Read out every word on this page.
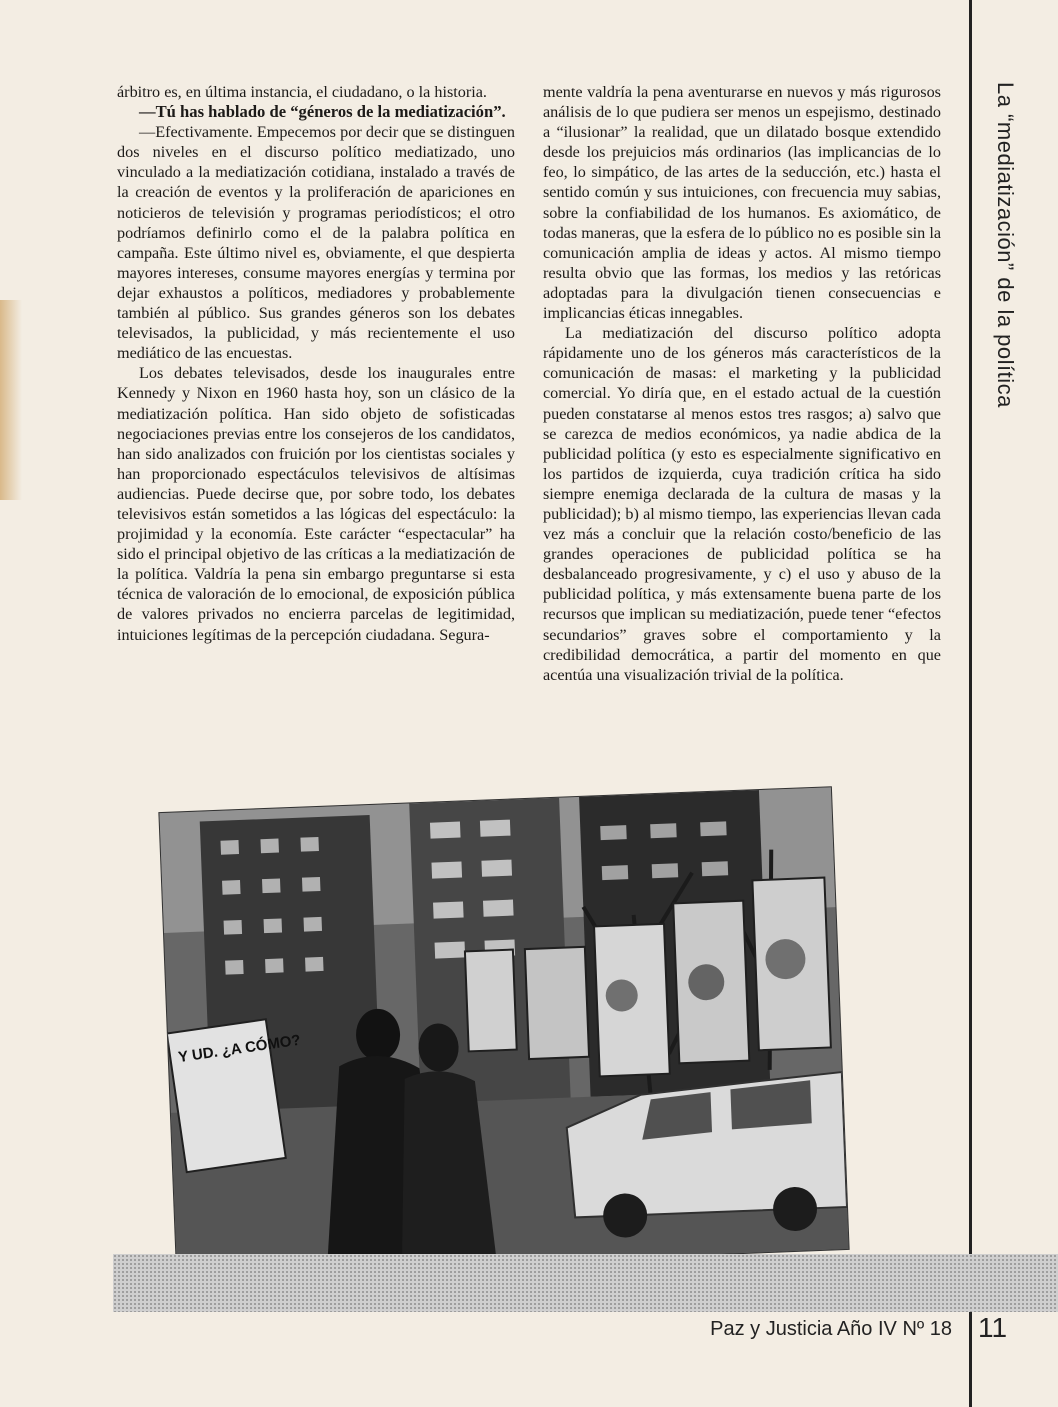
árbitro es, en última instancia, el ciudadano, o la historia.

—Tú has hablado de “géneros de la mediatización”.

—Efectivamente. Empecemos por decir que se distinguen dos niveles en el discurso político mediatizado, uno vinculado a la mediatización cotidiana, instalado a través de la creación de eventos y la proliferación de apariciones en noticieros de televisión y programas periodísticos; el otro podríamos definirlo como el de la palabra política en campaña. Este último nivel es, obviamente, el que despierta mayores intereses, consume mayores energías y termina por dejar exhaustos a políticos, mediadores y probablemente también al público. Sus grandes géneros son los debates televisados, la publicidad, y más recientemente el uso mediático de las encuestas.

Los debates televisados, desde los inaugurales entre Kennedy y Nixon en 1960 hasta hoy, son un clásico de la mediatización política. Han sido objeto de sofisticadas negociaciones previas entre los consejeros de los candidatos, han sido analizados con fruición por los cientistas sociales y han proporcionado espectáculos televisivos de altísimas audiencias. Puede decirse que, por sobre todo, los debates televisivos están sometidos a las lógicas del espectáculo: la projimidad y la economía. Este carácter “espectacular” ha sido el principal objetivo de las críticas a la mediatización de la política. Valdría la pena sin embargo preguntarse si esta técnica de valoración de lo emocional, de exposición pública de valores privados no encierra parcelas de legitimidad, intuiciones legítimas de la percepción ciudadana. Segura-

mente valdría la pena aventurarse en nuevos y más rigurosos análisis de lo que pudiera ser menos un espejismo, destinado a “ilusionar” la realidad, que un dilatado bosque extendido desde los prejuicios más ordinarios (las implicancias de lo feo, lo simpático, de las artes de la seducción, etc.) hasta el sentido común y sus intuiciones, con frecuencia muy sabias, sobre la confiabilidad de los humanos. Es axiomático, de todas maneras, que la esfera de lo público no es posible sin la comunicación amplia de ideas y actos. Al mismo tiempo resulta obvio que las formas, los medios y las retóricas adoptadas para la divulgación tienen consecuencias e implicancias éticas innegables.

La mediatización del discurso político adopta rápidamente uno de los géneros más característicos de la comunicación de masas: el marketing y la publicidad comercial. Yo diría que, en el estado actual de la cuestión pueden constatarse al menos estos tres rasgos; a) salvo que se carezca de medios económicos, ya nadie abdica de la publicidad política (y esto es especialmente significativo en los partidos de izquierda, cuya tradición crítica ha sido siempre enemiga declarada de la cultura de masas y la publicidad); b) al mismo tiempo, las experiencias llevan cada vez más a concluir que la relación costo/beneficio de las grandes operaciones de publicidad política se ha desbalanceado progresivamente, y c) el uso y abuso de la publicidad política, y más extensamente buena parte de los recursos que implican su mediatización, puede tener “efectos secundarios” graves sobre el comportamiento y la credibilidad democrática, a partir del momento en que acentúa una visualización trivial de la política.

La “mediatización” de la política
Y UD. ¿A CÓMO?
Paz y Justicia Año IV Nº 18 11
